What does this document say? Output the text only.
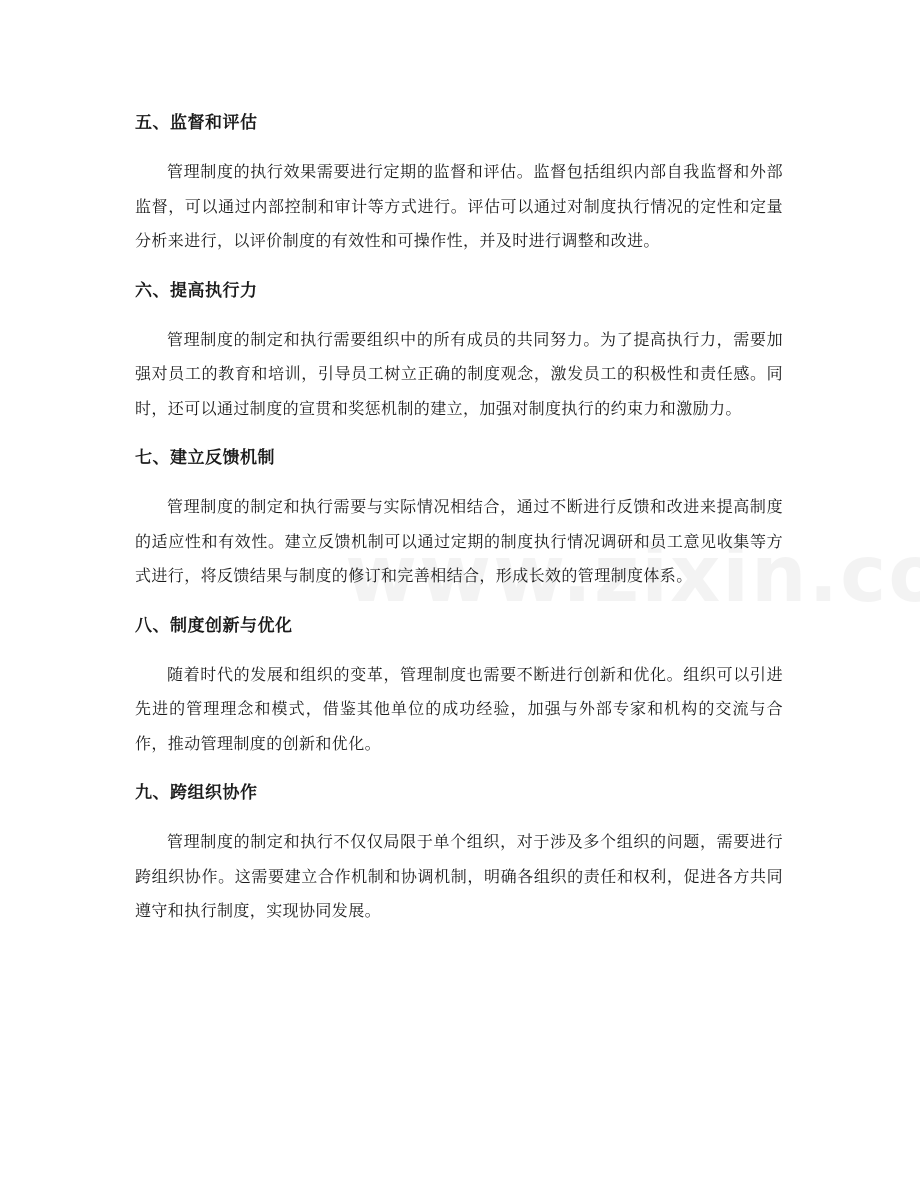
五、监督和评估

管理制度的执行效果需要进行定期的监督和评估。监督包括组织内部自我监督和外部监督，可以通过内部控制和审计等方式进行。评估可以通过对制度执行情况的定性和定量分析来进行，以评价制度的有效性和可操作性，并及时进行调整和改进。

六、提高执行力

管理制度的制定和执行需要组织中的所有成员的共同努力。为了提高执行力，需要加强对员工的教育和培训，引导员工树立正确的制度观念，激发员工的积极性和责任感。同时，还可以通过制度的宣贯和奖惩机制的建立，加强对制度执行的约束力和激励力。

七、建立反馈机制

管理制度的制定和执行需要与实际情况相结合，通过不断进行反馈和改进来提高制度的适应性和有效性。建立反馈机制可以通过定期的制度执行情况调研和员工意见收集等方式进行，将反馈结果与制度的修订和完善相结合，形成长效的管理制度体系。

八、制度创新与优化

随着时代的发展和组织的变革，管理制度也需要不断进行创新和优化。组织可以引进先进的管理理念和模式，借鉴其他单位的成功经验，加强与外部专家和机构的交流与合作，推动管理制度的创新和优化。

九、跨组织协作

管理制度的制定和执行不仅仅局限于单个组织，对于涉及多个组织的问题，需要进行跨组织协作。这需要建立合作机制和协调机制，明确各组织的责任和权利，促进各方共同遵守和执行制度，实现协同发展。
